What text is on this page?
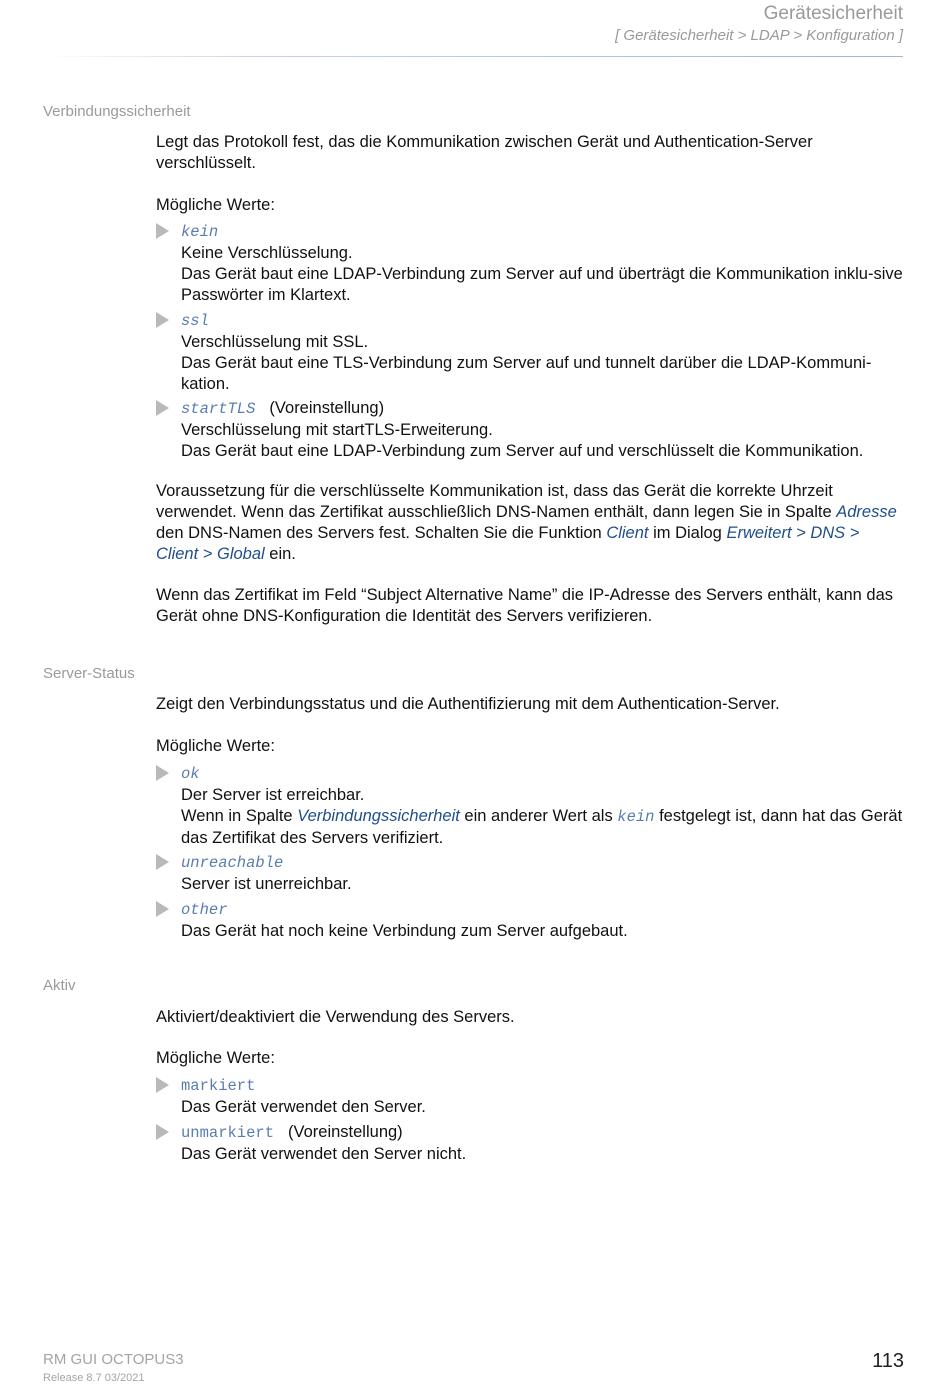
Gerätesicherheit
[ Gerätesicherheit > LDAP > Konfiguration ]
Verbindungssicherheit
Legt das Protokoll fest, das die Kommunikation zwischen Gerät und Authentication-Server verschlüsselt.
Mögliche Werte:
kein
Keine Verschlüsselung.
Das Gerät baut eine LDAP-Verbindung zum Server auf und überträgt die Kommunikation inklu-sive Passwörter im Klartext.
ssl
Verschlüsselung mit SSL.
Das Gerät baut eine TLS-Verbindung zum Server auf und tunnelt darüber die LDAP-Kommuni-kation.
startTLS (Voreinstellung)
Verschlüsselung mit startTLS-Erweiterung.
Das Gerät baut eine LDAP-Verbindung zum Server auf und verschlüsselt die Kommunikation.
Voraussetzung für die verschlüsselte Kommunikation ist, dass das Gerät die korrekte Uhrzeit verwendet. Wenn das Zertifikat ausschließlich DNS-Namen enthält, dann legen Sie in Spalte Adresse den DNS-Namen des Servers fest. Schalten Sie die Funktion Client im Dialog Erweitert > DNS > Client > Global ein.
Wenn das Zertifikat im Feld “Subject Alternative Name” die IP-Adresse des Servers enthält, kann das Gerät ohne DNS-Konfiguration die Identität des Servers verifizieren.
Server-Status
Zeigt den Verbindungsstatus und die Authentifizierung mit dem Authentication-Server.
Mögliche Werte:
ok
Der Server ist erreichbar.
Wenn in Spalte Verbindungssicherheit ein anderer Wert als kein festgelegt ist, dann hat das Gerät das Zertifikat des Servers verifiziert.
unreachable
Server ist unerreichbar.
other
Das Gerät hat noch keine Verbindung zum Server aufgebaut.
Aktiv
Aktiviert/deaktiviert die Verwendung des Servers.
Mögliche Werte:
markiert
Das Gerät verwendet den Server.
unmarkiert (Voreinstellung)
Das Gerät verwendet den Server nicht.
RM GUI OCTOPUS3
Release 8.7 03/2021
113
